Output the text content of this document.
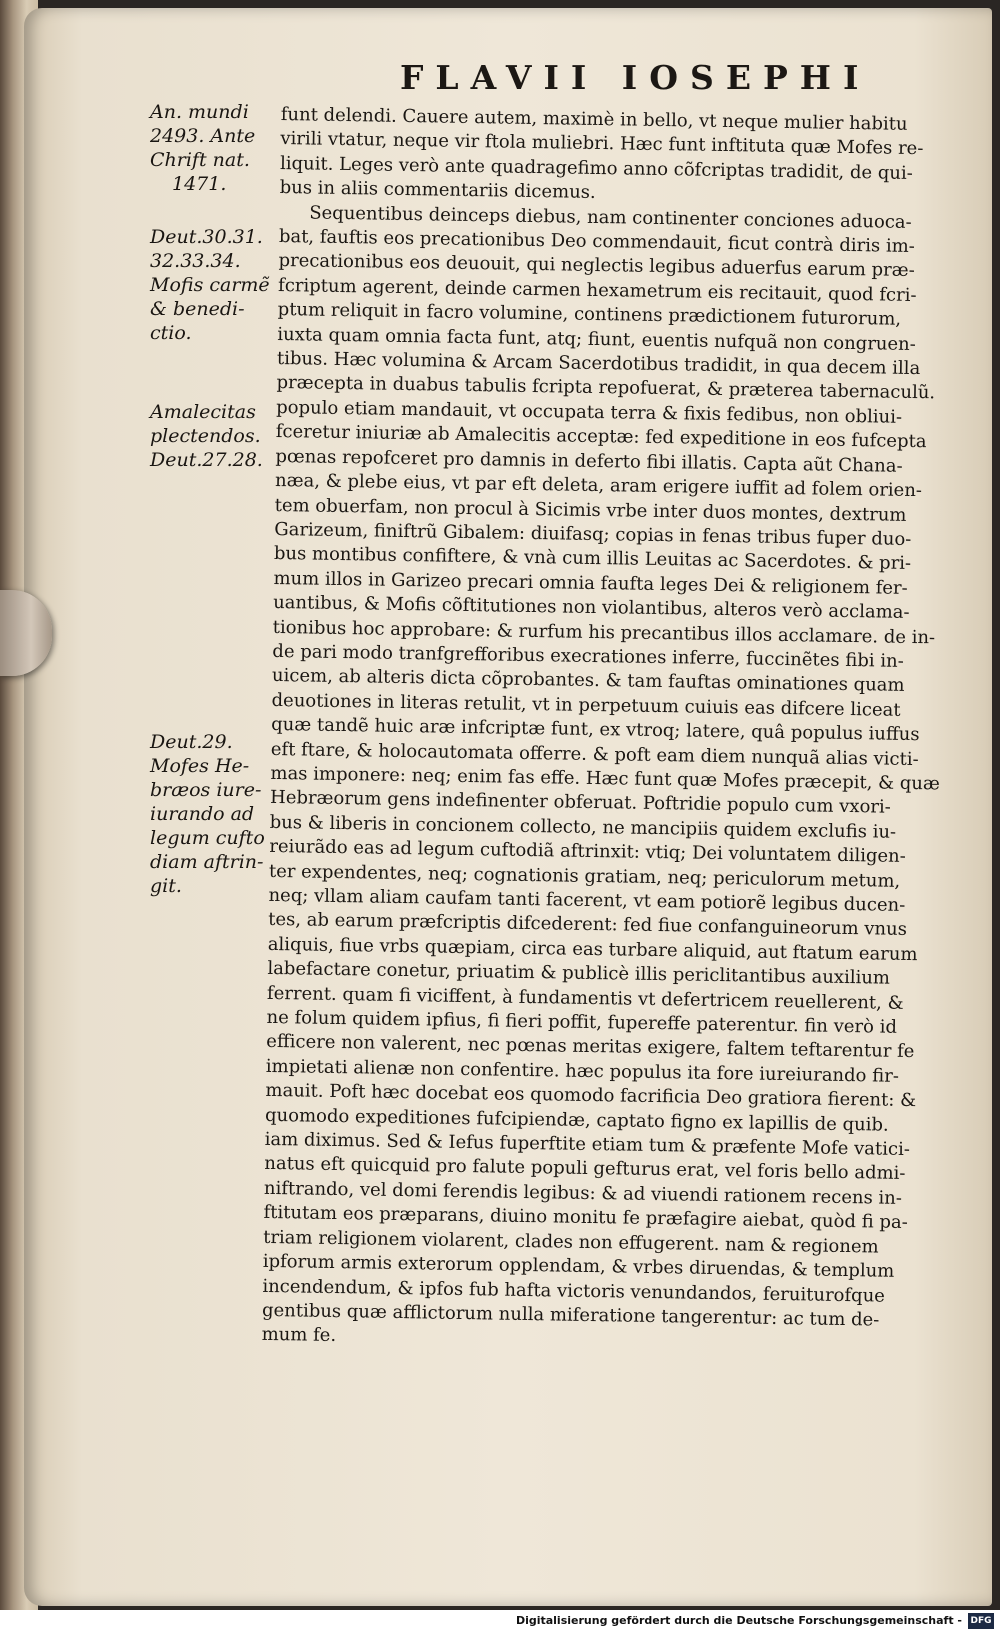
FLAVII IOSEPHI
An. mundi
2493. Ante
Chrift nat.
1471.
Deut.30.31.
32.33.34.
Mofis carmẽ
& benedi-
ctio.
Amalecitas
plectendos.
Deut.27.28.
Deut.29.
Mofes He-
bræos iure-
iurando ad
legum cufto
diam aftrin-
git.
funt delendi. Cauere autem, maximè in bello, vt neque mulier habitu
virili vtatur, neque vir ftola muliebri. Hæc funt inftituta quæ Mofes re-
liquit. Leges verò ante quadragefimo anno cõfcriptas tradidit, de qui-
bus in aliis commentariis dicemus.
Sequentibus deinceps diebus, nam continenter conciones aduoca-
bat, fauftis eos precationibus Deo commendauit, ficut contrà diris im-
precationibus eos deuouit, qui neglectis legibus aduerfus earum præ-
fcriptum agerent, deinde carmen hexametrum eis recitauit, quod fcri-
ptum reliquit in facro volumine, continens prædictionem futurorum,
iuxta quam omnia facta funt, atq; fiunt, euentis nufquã non congruen-
tibus. Hæc volumina & Arcam Sacerdotibus tradidit, in qua decem illa
præcepta in duabus tabulis fcripta repofuerat, & præterea tabernaculũ.
populo etiam mandauit, vt occupata terra & fixis fedibus, non obliui-
fceretur iniuriæ ab Amalecitis acceptæ: fed expeditione in eos fufcepta
pœnas repofceret pro damnis in deferto fibi illatis. Capta aũt Chana-
næa, & plebe eius, vt par eft deleta, aram erigere iuffit ad folem orien-
tem obuerfam, non procul à Sicimis vrbe inter duos montes, dextrum
Garizeum, finiftrũ Gibalem: diuifasq; copias in fenas tribus fuper duo-
bus montibus confiftere, & vnà cum illis Leuitas ac Sacerdotes. & pri-
mum illos in Garizeo precari omnia faufta leges Dei & religionem fer-
uantibus, & Mofis cõftitutiones non violantibus, alteros verò acclama-
tionibus hoc approbare: & rurfum his precantibus illos acclamare. de in-
de pari modo tranfgrefforibus execrationes inferre, fuccinẽtes fibi in-
uicem, ab alteris dicta cõprobantes. & tam fauftas ominationes quam
deuotiones in literas retulit, vt in perpetuum cuiuis eas difcere liceat
quæ tandẽ huic aræ infcriptæ funt, ex vtroq; latere, quâ populus iuffus
eft ftare, & holocautomata offerre. & poft eam diem nunquã alias victi-
mas imponere: neq; enim fas effe. Hæc funt quæ Mofes præcepit, & quæ
Hebræorum gens indefinenter obferuat. Poftridie populo cum vxori-
bus & liberis in concionem collecto, ne mancipiis quidem exclufis iu-
reiurãdo eas ad legum cuftodiã aftrinxit: vtiq; Dei voluntatem diligen-
ter expendentes, neq; cognationis gratiam, neq; periculorum metum,
neq; vllam aliam caufam tanti facerent, vt eam potiorẽ legibus ducen-
tes, ab earum præfcriptis difcederent: fed fiue confanguineorum vnus
aliquis, fiue vrbs quæpiam, circa eas turbare aliquid, aut ftatum earum
labefactare conetur, priuatim & publicè illis periclitantibus auxilium
ferrent. quam fi viciffent, à fundamentis vt defertricem reuellerent, &
ne folum quidem ipfius, fi fieri poffit, fupereffe paterentur. fin verò id
efficere non valerent, nec pœnas meritas exigere, faltem teftarentur fe
impietati alienæ non confentire. hæc populus ita fore iureiurando fir-
mauit. Poft hæc docebat eos quomodo facrificia Deo gratiora fierent: &
quomodo expeditiones fufcipiendæ, captato figno ex lapillis de quib.
iam diximus. Sed & Iefus fuperftite etiam tum & præfente Mofe vatici-
natus eft quicquid pro falute populi gefturus erat, vel foris bello admi-
niftrando, vel domi ferendis legibus: & ad viuendi rationem recens in-
ftitutam eos præparans, diuino monitu fe præfagire aiebat, quòd fi pa-
triam religionem violarent, clades non effugerent. nam & regionem
ipforum armis exterorum opplendam, & vrbes diruendas, & templum
incendendum, & ipfos fub hafta victoris venundandos, feruiturofque
gentibus quæ afflictorum nulla miferatione tangerentur: ac tum de-
mum fe.
Digitalisierung gefördert durch die Deutsche Forschungsgemeinschaft - DFG
